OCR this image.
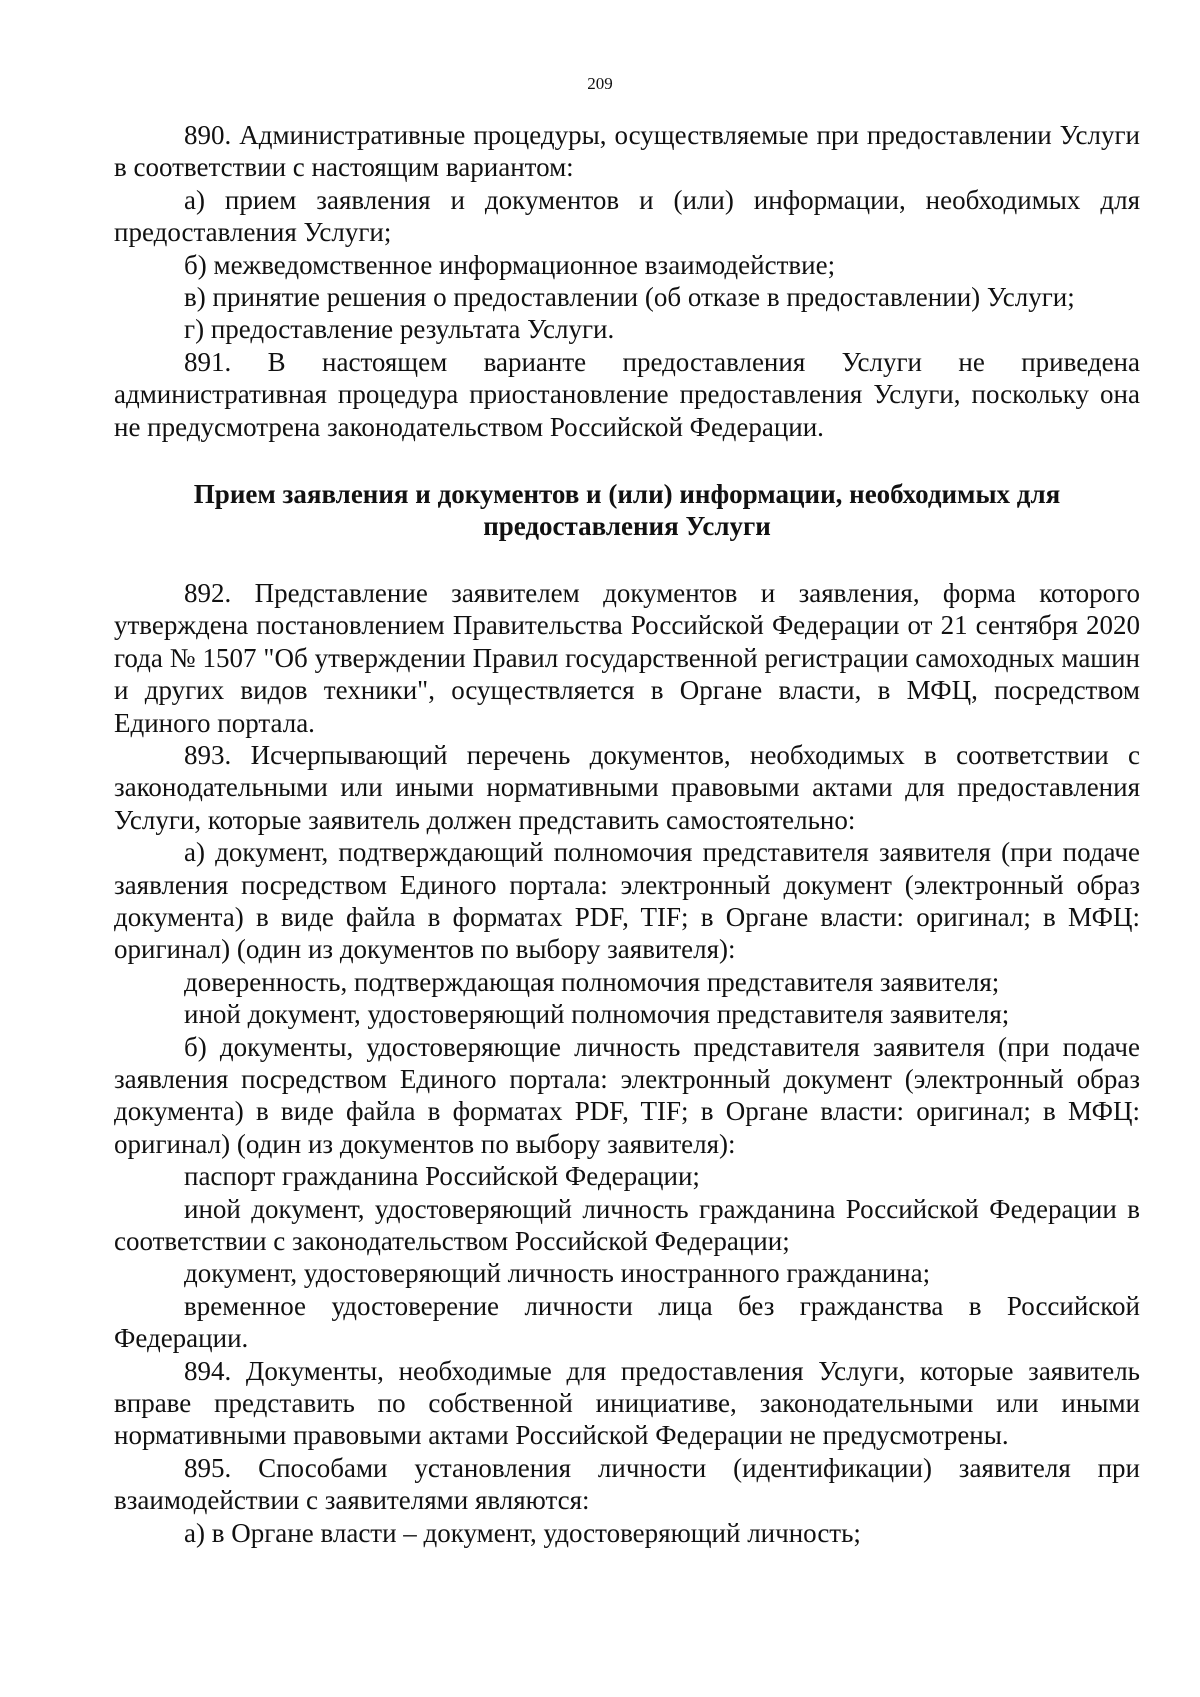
209

890. Административные процедуры, осуществляемые при предоставлении Услуги в соответствии с настоящим вариантом:

а) прием заявления и документов и (или) информации, необходимых для предоставления Услуги;

б) межведомственное информационное взаимодействие;

в) принятие решения о предоставлении (об отказе в предоставлении) Услуги;

г) предоставление результата Услуги.

891. В настоящем варианте предоставления Услуги не приведена административная процедура приостановление предоставления Услуги, поскольку она не предусмотрена законодательством Российской Федерации.

Прием заявления и документов и (или) информации, необходимых для предоставления Услуги

892. Представление заявителем документов и заявления, форма которого утверждена постановлением Правительства Российской Федерации от 21 сентября 2020 года № 1507 "Об утверждении Правил государственной регистрации самоходных машин и других видов техники", осуществляется в Органе власти, в МФЦ, посредством Единого портала.

893. Исчерпывающий перечень документов, необходимых в соответствии с законодательными или иными нормативными правовыми актами для предоставления Услуги, которые заявитель должен представить самостоятельно:

а) документ, подтверждающий полномочия представителя заявителя (при подаче заявления посредством Единого портала: электронный документ (электронный образ документа) в виде файла в форматах PDF, TIF; в Органе власти: оригинал; в МФЦ: оригинал) (один из документов по выбору заявителя):

доверенность, подтверждающая полномочия представителя заявителя;

иной документ, удостоверяющий полномочия представителя заявителя;

б) документы, удостоверяющие личность представителя заявителя (при подаче заявления посредством Единого портала: электронный документ (электронный образ документа) в виде файла в форматах PDF, TIF; в Органе власти: оригинал; в МФЦ: оригинал) (один из документов по выбору заявителя):

паспорт гражданина Российской Федерации;

иной документ, удостоверяющий личность гражданина Российской Федерации в соответствии с законодательством Российской Федерации;

документ, удостоверяющий личность иностранного гражданина;

временное удостоверение личности лица без гражданства в Российской Федерации.

894. Документы, необходимые для предоставления Услуги, которые заявитель вправе представить по собственной инициативе, законодательными или иными нормативными правовыми актами Российской Федерации не предусмотрены.

895. Способами установления личности (идентификации) заявителя при взаимодействии с заявителями являются:

а) в Органе власти – документ, удостоверяющий личность;
